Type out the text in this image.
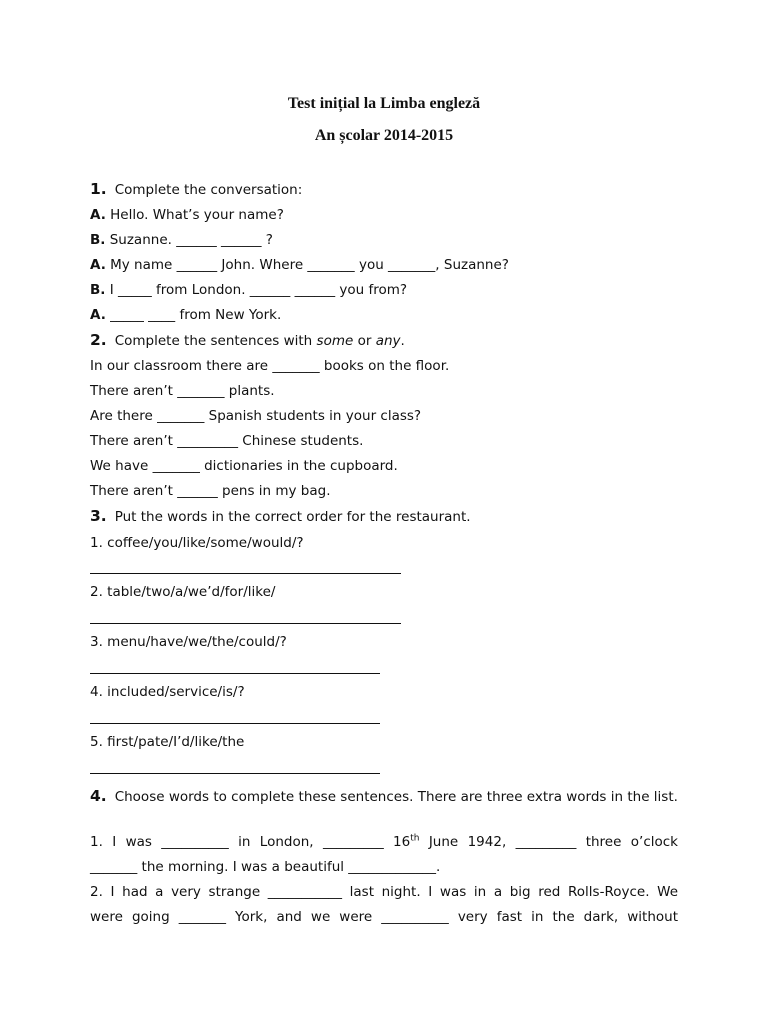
Test inițial la Limba engleză
An școlar 2014-2015
1. Complete the conversation:
A. Hello. What’s your name?
B. Suzanne. ______ ______ ?
A. My name ______ John. Where _______ you _______, Suzanne?
B. I _____ from London. ______ ______ you from?
A. _____ ____ from New York.
2. Complete the sentences with some or any.
In our classroom there are _______ books on the floor.
There aren’t _______ plants.
Are there _______ Spanish students in your class?
There aren’t _________ Chinese students.
We have _______ dictionaries in the cupboard.
There aren’t ______ pens in my bag.
3. Put the words in the correct order for the restaurant.
1. coffee/you/like/some/would/?
2. table/two/a/we’d/for/like/
3. menu/have/we/the/could/?
4. included/service/is/?
5. first/pate/I’d/like/the
4. Choose words to complete these sentences. There are three extra words in the list.
1. I was __________ in London, _________ 16th June 1942, _________ three o’clock
_______ the morning. I was a beautiful _____________.
2. I had a very strange ___________ last night. I was in a big red Rolls-Royce. We
were going _______ York, and we were __________ very fast in the dark, without
